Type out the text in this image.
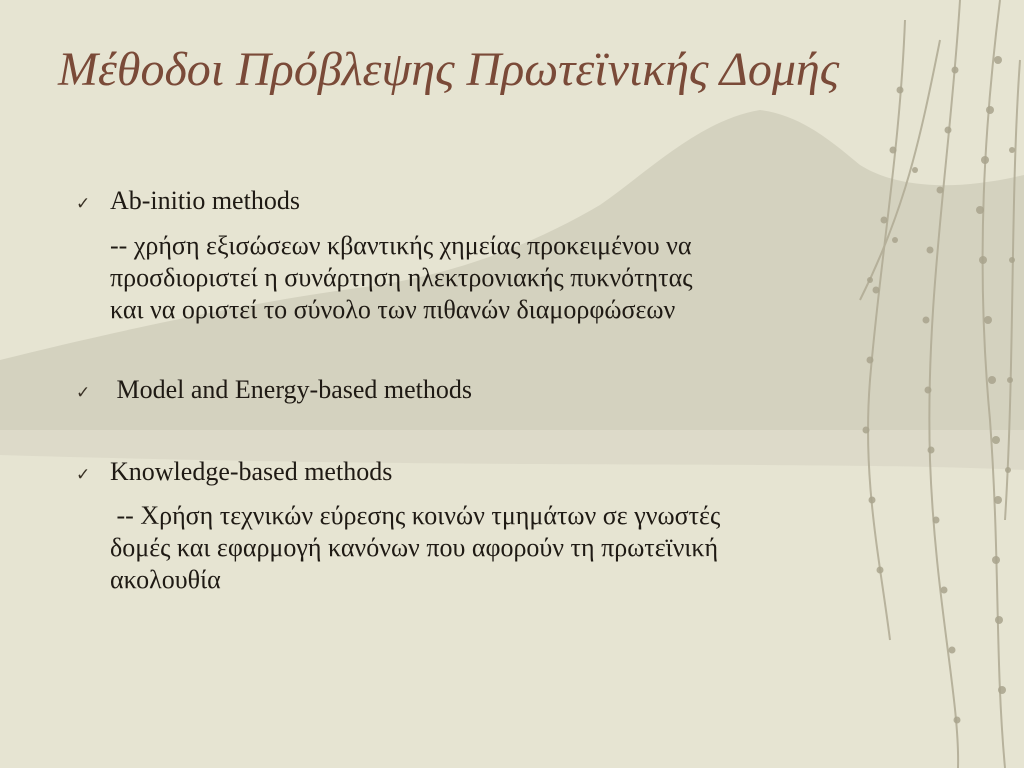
Μέθοδοι Πρόβλεψης Πρωτεϊνικής Δομής
✓ Ab-initio methods
-- χρήση εξισώσεων κβαντικής χημείας προκειμένου να
προσδιοριστεί η συνάρτηση ηλεκτρονιακής πυκνότητας
και να οριστεί το σύνολο των πιθανών διαμορφώσεων
✓ Model and Energy-based methods
✓ Knowledge-based methods
-- Χρήση τεχνικών εύρεσης κοινών τμημάτων σε γνωστές
δομές και εφαρμογή κανόνων που αφορούν τη πρωτεϊνική
ακολουθία
